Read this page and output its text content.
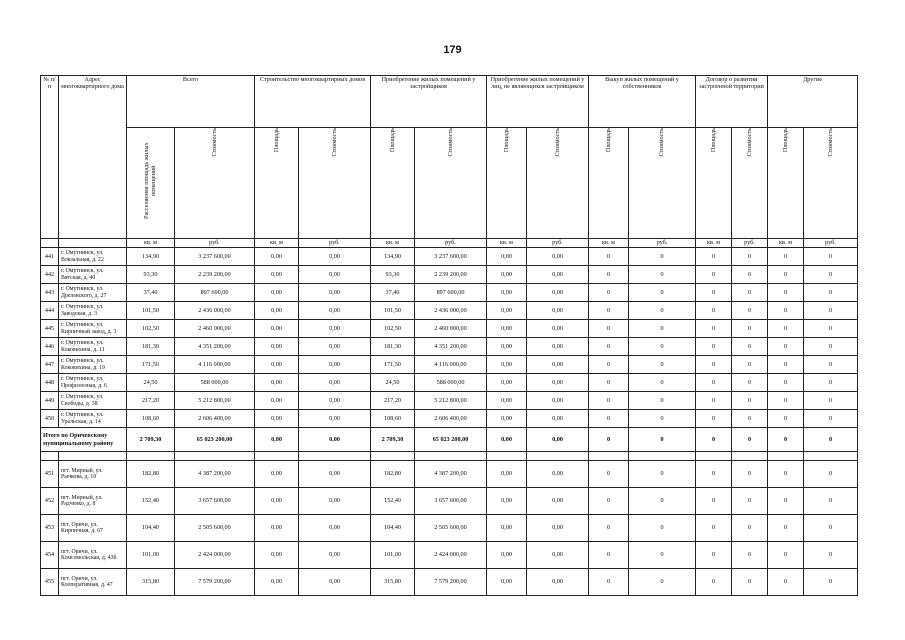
179
№ п/п	Адрес многоквартирного дома	Всего		Строительство многоквартирных домов		Приобретение жилых помещений у застройщиков		Приобретение жилых помещений у лиц, не являющихся застройщиком		Выкуп жилых помещений у собственников		Договор о развитии застроенной территории		Другие	

		Расселяемая площадь жилых помещений	Стоимость	Площадь	Стоимость	Площадь	Стоимость	Площадь	Стоимость	Площадь	Стоимость	Площадь	Стоимость	Площадь	Стоимость

		кв. м	руб.	кв. м	руб.	кв. м	руб.	кв. м	руб.	кв. м	руб.	кв. м	руб.	кв. м	руб.
441	г. Омутнинск, ул. Вокзальная, д. 22	134,90	3 237 600,00	0,00	0,00	134,90	3 237 600,00	0,00	0,00	0	0	0	0	0	0
442	г. Омутнинск, ул. Вятская, д. 40	93,30	2 239 200,00	0,00	0,00	93,30	2 239 200,00	0,00	0,00	0	0	0	0	0	0
443	г. Омутнинск, ул. Дрелевского, д. 27	37,40	897 600,00	0,00	0,00	37,40	897 600,00	0,00	0,00	0	0	0	0	0	0
444	г. Омутнинск, ул. Заводская, д. 3	101,50	2 436 000,00	0,00	0,00	101,50	2 436 000,00	0,00	0,00	0	0	0	0	0	0
445	г. Омутнинск, ул. Кирпичный завод, д. 3	102,50	2 460 000,00	0,00	0,00	102,50	2 460 000,00	0,00	0,00	0	0	0	0	0	0
446	г. Омутнинск, ул. Коковихина, д. 11	181,30	4 351 200,00	0,00	0,00	181,30	4 351 200,00	0,00	0,00	0	0	0	0	0	0
447	г. Омутнинск, ул. Коковихина, д. 19	171,50	4 116 000,00	0,00	0,00	171,50	4 116 000,00	0,00	0,00	0	0	0	0	0	0
448	г. Омутнинск, ул. Профсоюзная, д. 6	24,50	588 000,00	0,00	0,00	24,50	588 000,00	0,00	0,00	0	0	0	0	0	0
449	г. Омутнинск, ул. Свободы, д. 38	217,20	5 212 800,00	0,00	0,00	217,20	5 212 800,00	0,00	0,00	0	0	0	0	0	0
450	г. Омутнинск, ул. Уральская, д. 14	108,60	2 606 400,00	0,00	0,00	108,60	2 606 400,00	0,00	0,00	0	0	0	0	0	0
Итого по Оричевскому муниципальному району		2 709,30	65 023 200,00	0,00	0,00	2 709,30	65 023 200,00	0,00	0,00	0	0	0	0	0	0

451	пгт. Мирный, ул. Рычкова, д. 10	182,80	4 387 200,00	0,00	0,00	182,80	4 387 200,00	0,00	0,00	0	0	0	0	0	0
452	пгт. Мирный, ул. Радченко, д. 8	152,40	3 657 600,00	0,00	0,00	152,40	3 657 600,00	0,00	0,00	0	0	0	0	0	0
453	пгт. Оричи, ул. Кирпичная, д. 67	104,40	2 505 600,00	0,00	0,00	104,40	2 505 600,00	0,00	0,00	0	0	0	0	0	0
454	пгт. Оричи, ул. Комсомольская, д. 43б	101,00	2 424 000,00	0,00	0,00	101,00	2 424 000,00	0,00	0,00	0	0	0	0	0	0
455	пгт. Оричи, ул. Кооперативная, д. 47	315,80	7 579 200,00	0,00	0,00	315,80	7 579 200,00	0,00	0,00	0	0	0	0	0	0
